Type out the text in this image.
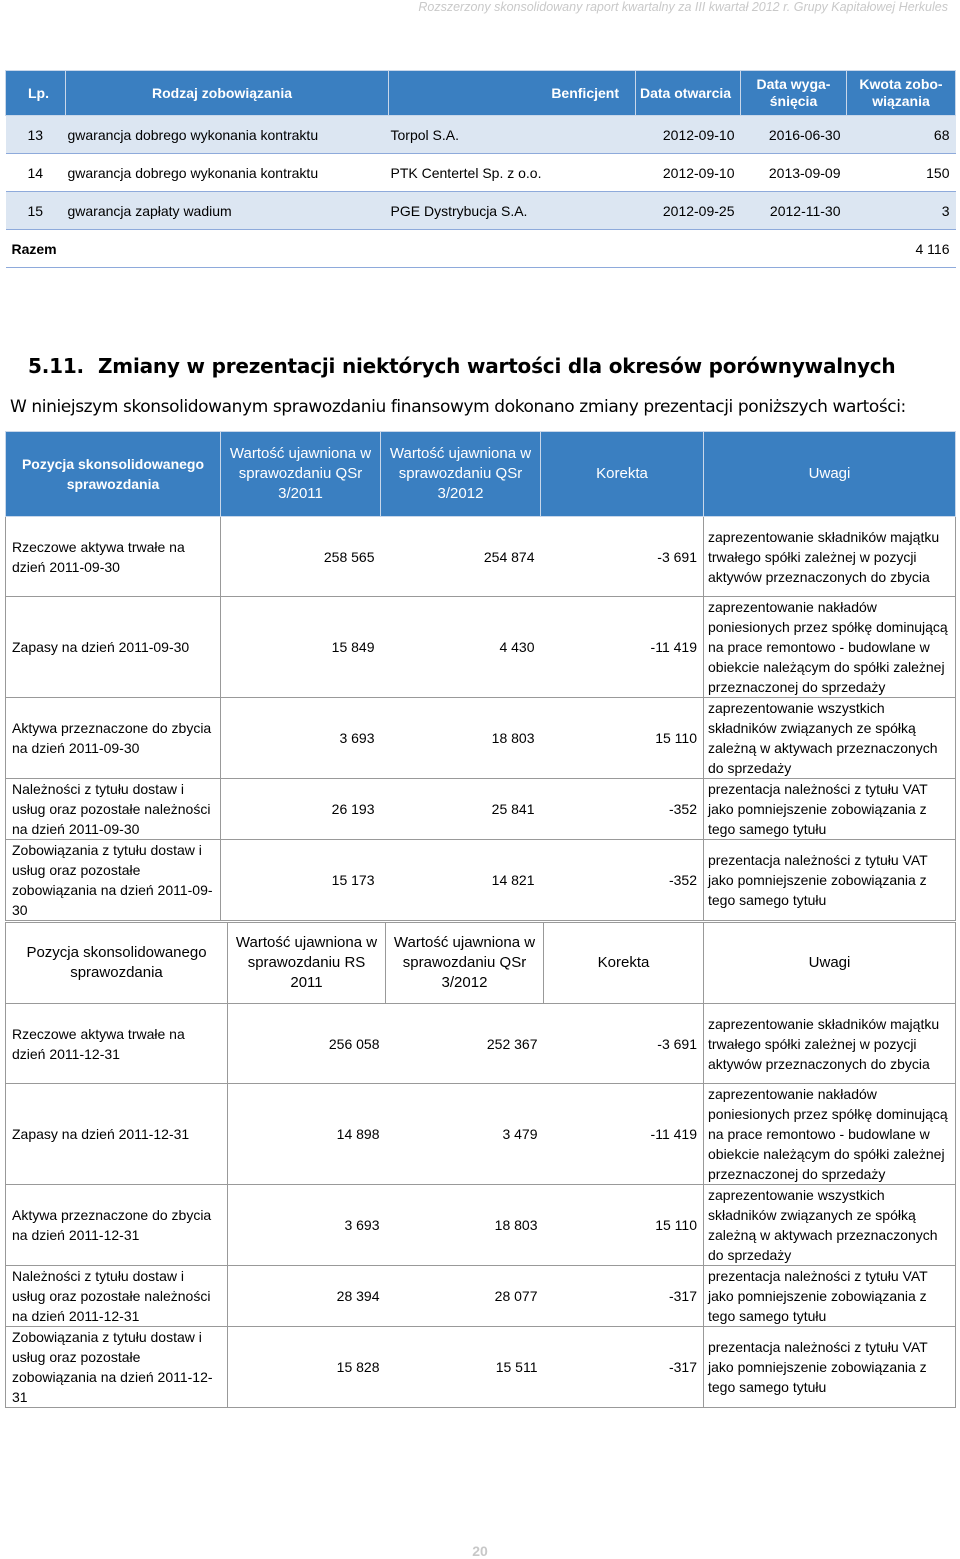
Rozszerzony skonsolidowany raport kwartalny za III kwartał 2012 r. Grupy Kapitałowej Herkules
Lp.	Rodzaj zobowiązania	Benficjent	Data otwarcia	Data wyga-śnięcia	Kwota zobo-wiązania
13	gwarancja dobrego wykonania kontraktu	Torpol S.A.	2012-09-10	2016-06-30	68
14	gwarancja dobrego wykonania kontraktu	PTK Centertel Sp. z o.o.	2012-09-10	2013-09-09	150
15	gwarancja zapłaty wadium	PGE Dystrybucja S.A.	2012-09-25	2012-11-30	3
Razem					4 116
5.11. Zmiany w prezentacji niektórych wartości dla okresów porównywalnych
W niniejszym skonsolidowanym sprawozdaniu finansowym dokonano zmiany prezentacji poniższych wartości:
Pozycja skonsolidowanego sprawozdania	Wartość ujawniona w sprawozdaniu QSr 3/2011	Wartość ujawniona w sprawozdaniu QSr 3/2012	Korekta	Uwagi
Rzeczowe aktywa trwałe na dzień 2011-09-30	258 565	254 874	-3 691	zaprezentowanie składników majątku trwałego spółki zależnej w pozycji aktywów przeznaczonych do zbycia
Zapasy na dzień 2011-09-30	15 849	4 430	-11 419	zaprezentowanie nakładów poniesionych przez spółkę dominującą na prace remontowo - budowlane w obiekcie należącym do spółki zależnej przeznaczonej do sprzedaży
Aktywa przeznaczone do zbycia na dzień 2011-09-30	3 693	18 803	15 110	zaprezentowanie wszystkich składników związanych ze spółką zależną w aktywach przeznaczonych do sprzedaży
Należności z tytułu dostaw i usług oraz pozostałe należności na dzień 2011-09-30	26 193	25 841	-352	prezentacja należności z tytułu VAT jako pomniejszenie zobowiązania z tego samego tytułu
Zobowiązania z tytułu dostaw i usług oraz pozostałe zobowiązania na dzień 2011-09-30	15 173	14 821	-352	prezentacja należności z tytułu VAT jako pomniejszenie zobowiązania z tego samego tytułu
Pozycja skonsolidowanego sprawozdania	Wartość ujawniona w sprawozdaniu RS 2011	Wartość ujawniona w sprawozdaniu QSr 3/2012	Korekta	Uwagi
Rzeczowe aktywa trwałe na dzień 2011-12-31	256 058	252 367	-3 691	zaprezentowanie składników majątku trwałego spółki zależnej w pozycji aktywów przeznaczonych do zbycia
Zapasy na dzień 2011-12-31	14 898	3 479	-11 419	zaprezentowanie nakładów poniesionych przez spółkę dominującą na prace remontowo - budowlane w obiekcie należącym do spółki zależnej przeznaczonej do sprzedaży
Aktywa przeznaczone do zbycia na dzień 2011-12-31	3 693	18 803	15 110	zaprezentowanie wszystkich składników związanych ze spółką zależną w aktywach przeznaczonych do sprzedaży
Należności z tytułu dostaw i usług oraz pozostałe należności na dzień 2011-12-31	28 394	28 077	-317	prezentacja należności z tytułu VAT jako pomniejszenie zobowiązania z tego samego tytułu
Zobowiązania z tytułu dostaw i usług oraz pozostałe zobowiązania na dzień 2011-12-31	15 828	15 511	-317	prezentacja należności z tytułu VAT jako pomniejszenie zobowiązania z tego samego tytułu
20
